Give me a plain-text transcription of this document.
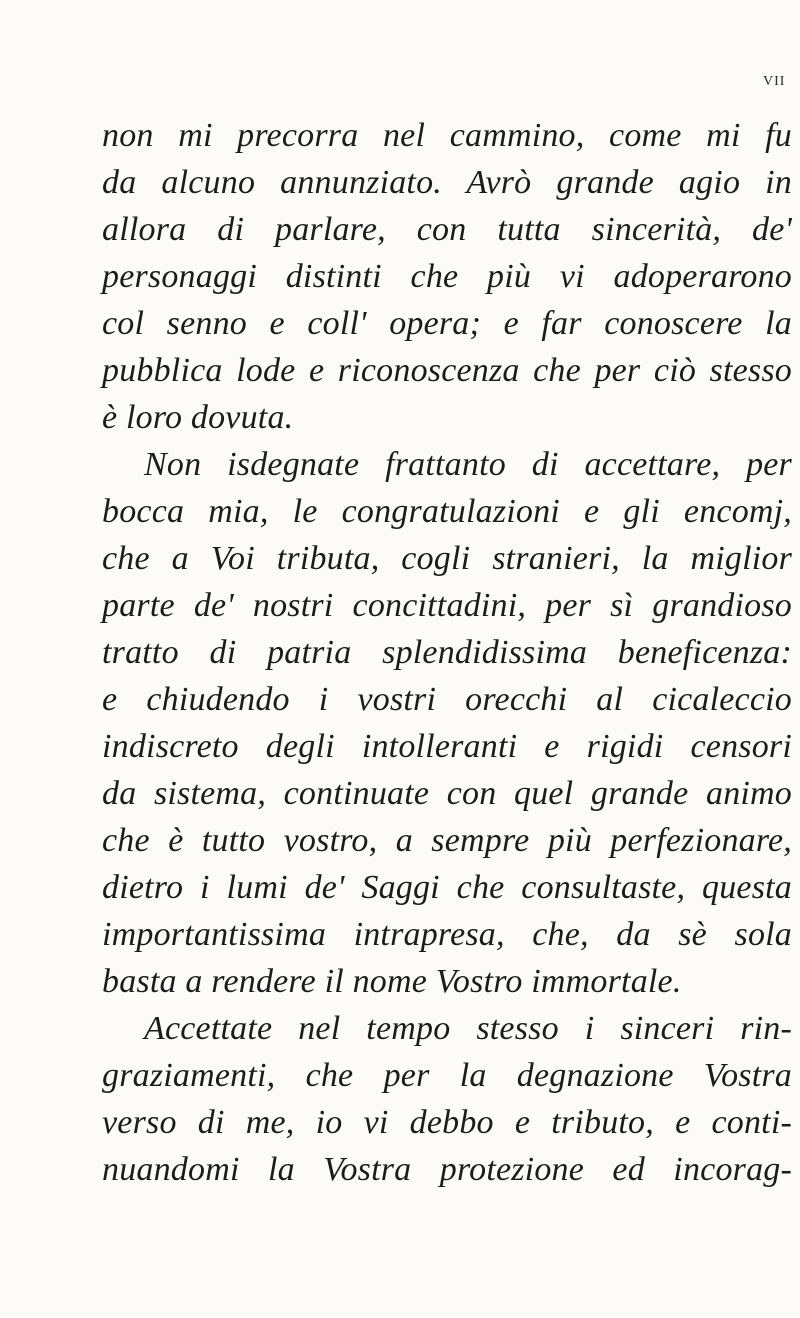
VII
non mi precorra nel cammino, come mi fu
da alcuno annunziato. Avrò grande agio in
allora di parlare, con tutta sincerità, de'
personaggi distinti che più vi adoperarono
col senno e coll' opera; e far conoscere la
pubblica lode e riconoscenza che per ciò stesso
è loro dovuta.
Non isdegnate frattanto di accettare, per
bocca mia, le congratulazioni e gli encomj,
che a Voi tributa, cogli stranieri, la miglior
parte de' nostri concittadini, per sì grandioso
tratto di patria splendidissima beneficenza:
e chiudendo i vostri orecchi al cicaleccio
indiscreto degli intolleranti e rigidi censori
da sistema, continuate con quel grande animo
che è tutto vostro, a sempre più perfezionare,
dietro i lumi de' Saggi che consultaste, questa
importantissima intrapresa, che, da sè sola
basta a rendere il nome Vostro immortale.
Accettate nel tempo stesso i sinceri rin-
graziamenti, che per la degnazione Vostra
verso di me, io vi debbo e tributo, e conti-
nuandomi la Vostra protezione ed incorag-
